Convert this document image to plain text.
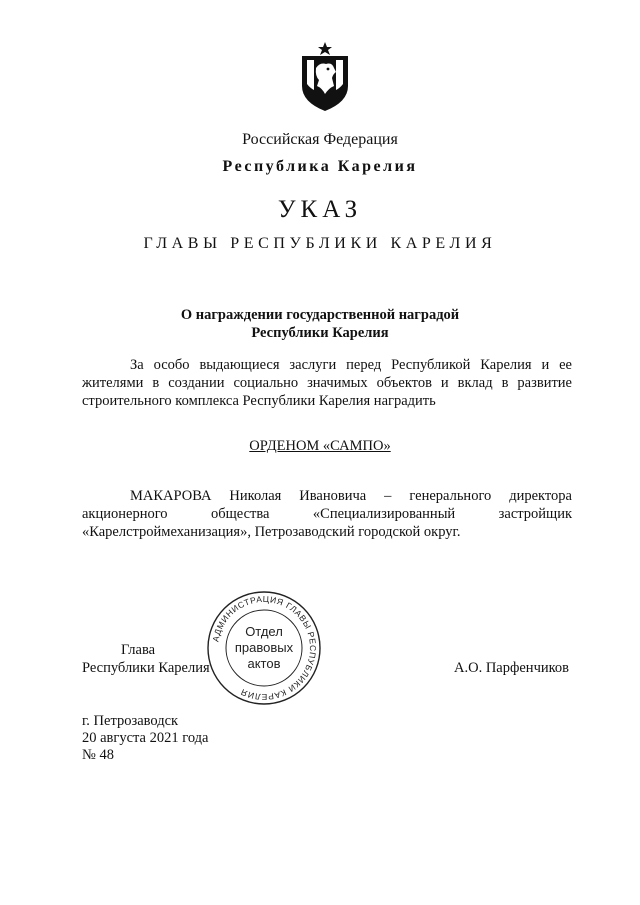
Российская Федерация
Республика Карелия
УКАЗ
ГЛАВЫ РЕСПУБЛИКИ КАРЕЛИЯ
О награждении государственной наградой
Республики Карелия
За особо выдающиеся заслуги перед Республикой Карелия и ее
жителями в создании социально значимых объектов и вклад в развитие
строительного комплекса Республики Карелия наградить
ОРДЕНОМ «САМПО»
МАКАРОВА Николая Ивановича – генерального директора
акционерного общества «Специализированный застройщик
«Карелстроймеханизация», Петрозаводский городской округ.
АДМИНИСТРАЦИЯ ГЛАВЫ РЕСПУБЛИКИ КАРЕЛИЯ
Отдел
правовых
актов
Глава
Республики Карелия	А.О. Парфенчиков
г. Петрозаводск
20 августа 2021 года
№ 48
